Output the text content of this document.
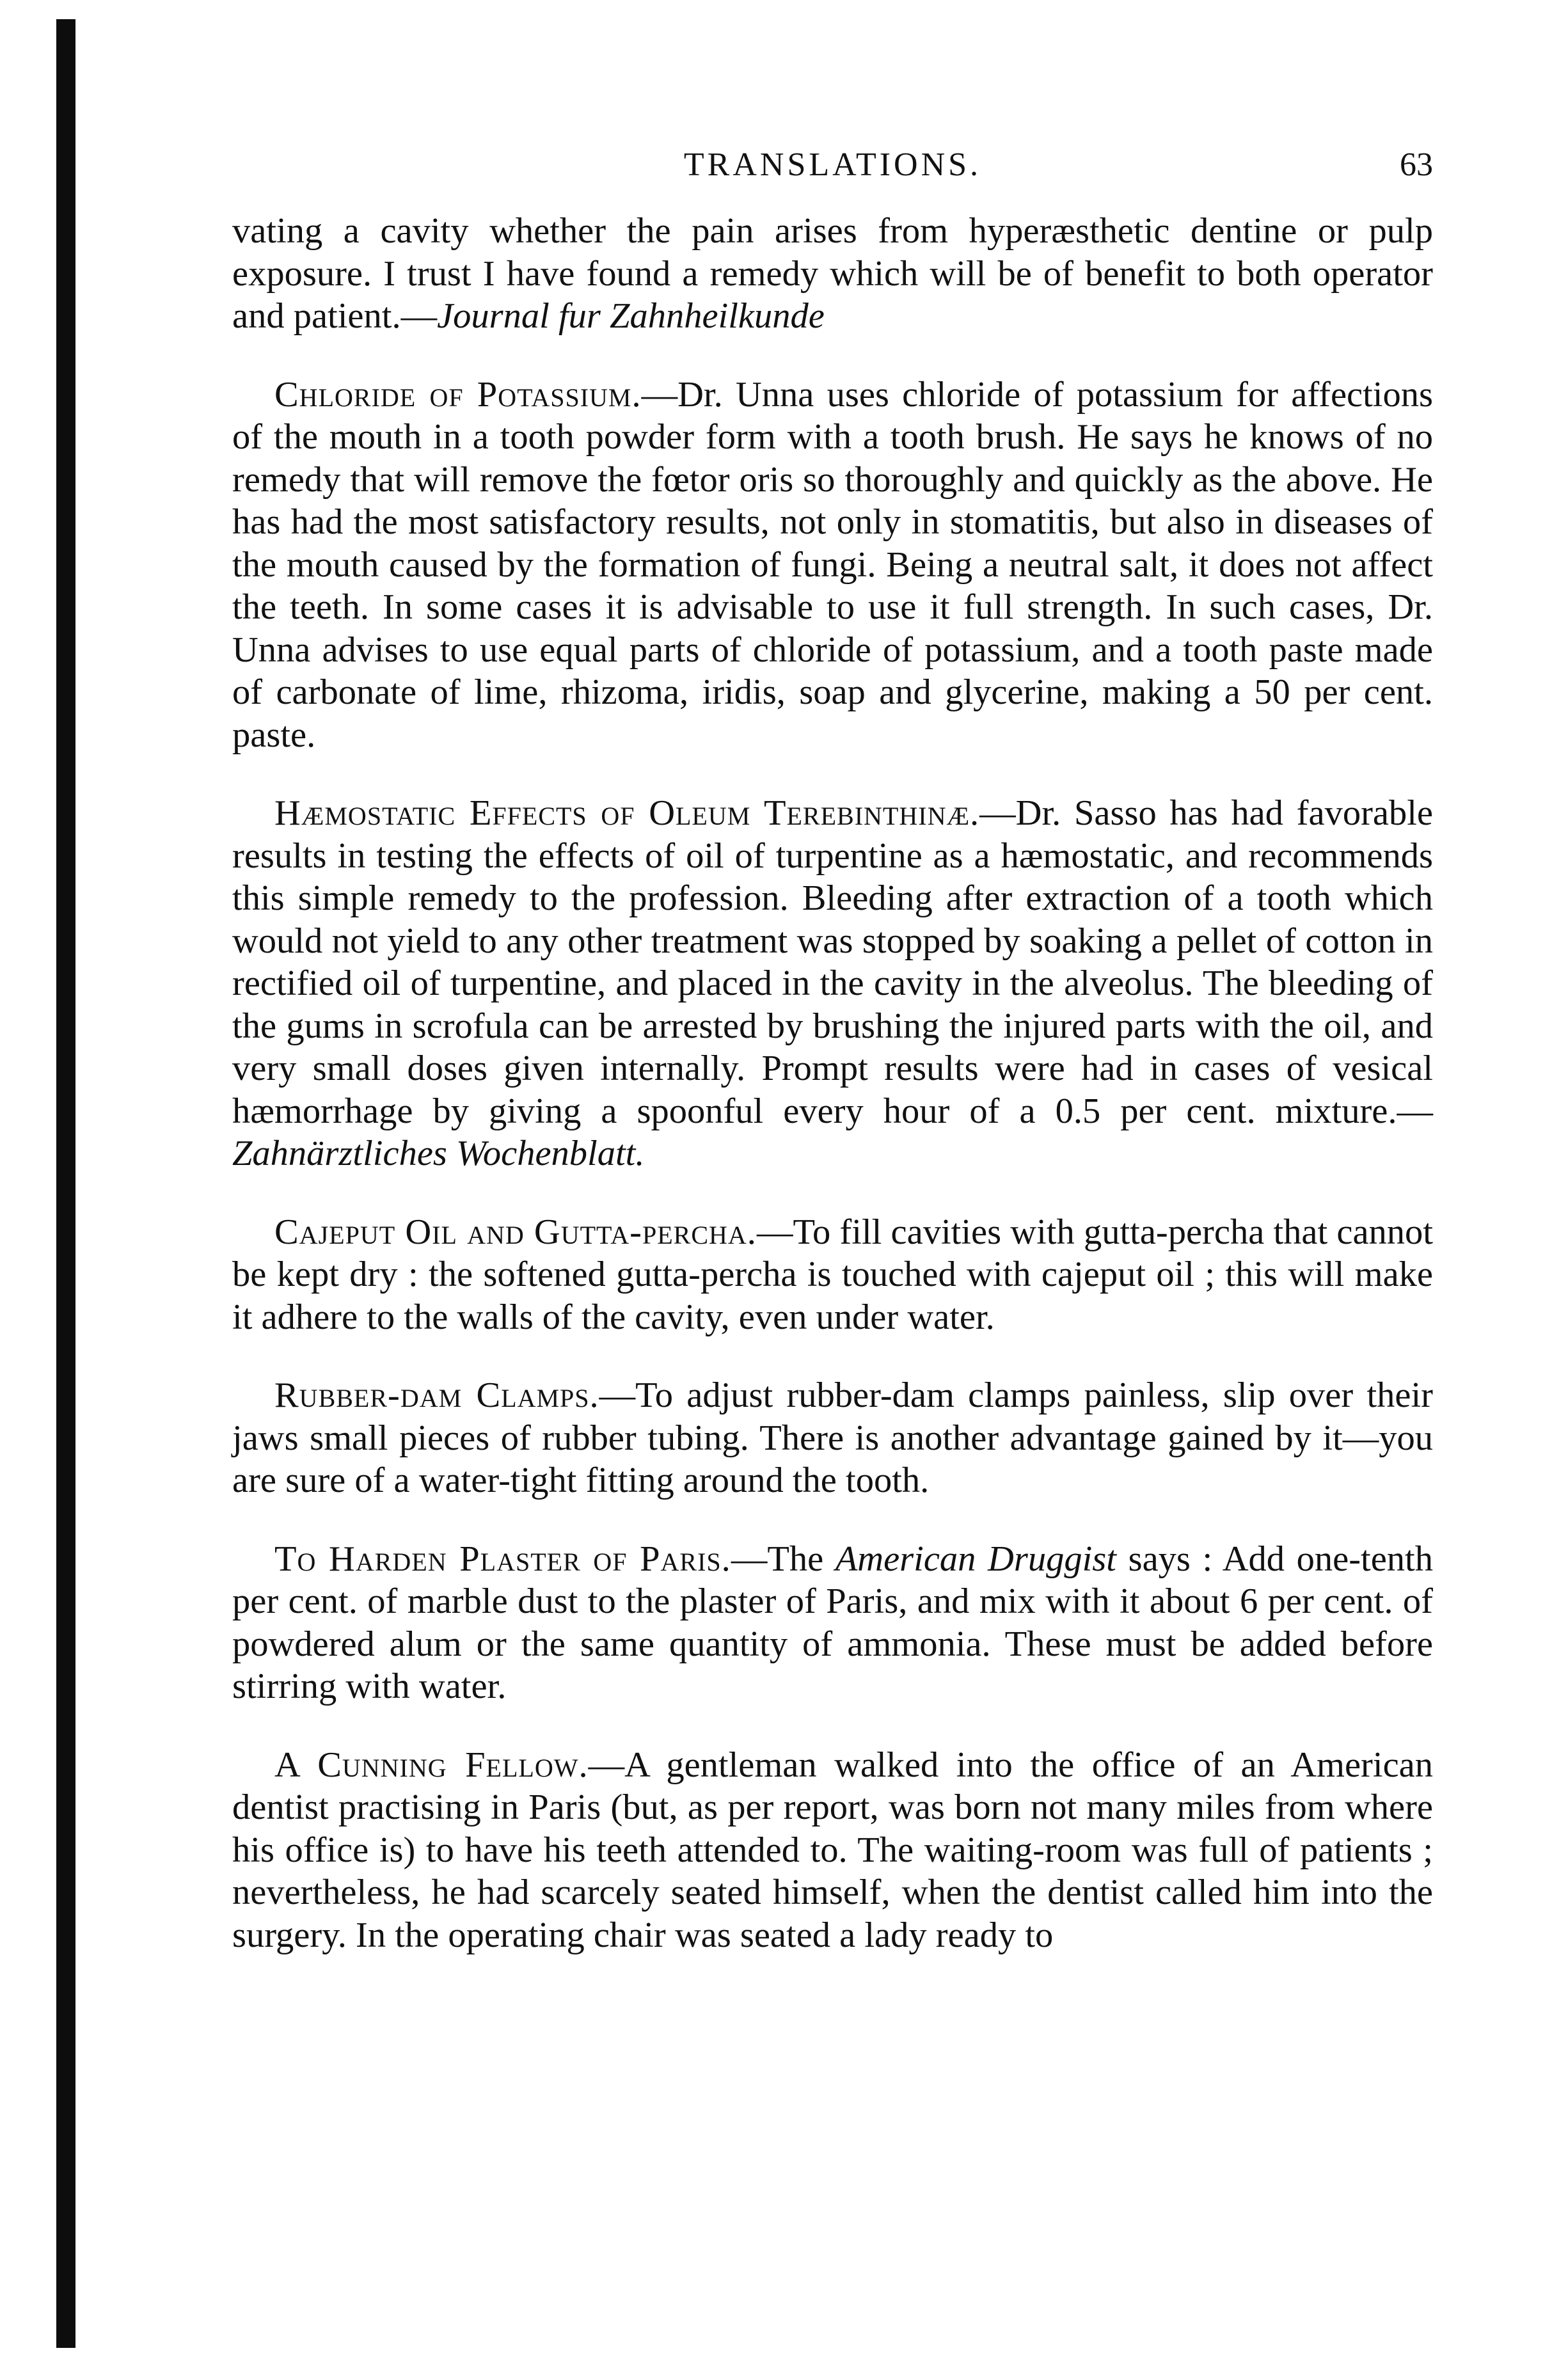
TRANSLATIONS.	63

vating a cavity whether the pain arises from hyperæsthetic dentine or pulp exposure. I trust I have found a remedy which will be of benefit to both operator and patient.—Journal fur Zahnheilkunde

Chloride of Potassium.—Dr. Unna uses chloride of potassium for affections of the mouth in a tooth powder form with a tooth brush. He says he knows of no remedy that will remove the fœtor oris so thoroughly and quickly as the above. He has had the most satisfactory results, not only in stomatitis, but also in diseases of the mouth caused by the formation of fungi. Being a neutral salt, it does not affect the teeth. In some cases it is advisable to use it full strength. In such cases, Dr. Unna advises to use equal parts of chloride of potassium, and a tooth paste made of carbonate of lime, rhizoma, iridis, soap and glycerine, making a 50 per cent. paste.

Hæmostatic Effects of Oleum Terebinthinæ.—Dr. Sasso has had favorable results in testing the effects of oil of turpentine as a hæmostatic, and recommends this simple remedy to the profession. Bleeding after extraction of a tooth which would not yield to any other treatment was stopped by soaking a pellet of cotton in rectified oil of turpentine, and placed in the cavity in the alveolus. The bleeding of the gums in scrofula can be arrested by brushing the injured parts with the oil, and very small doses given internally. Prompt results were had in cases of vesical hæmorrhage by giving a spoonful every hour of a 0.5 per cent. mixture.—Zahnärztliches Wochenblatt.

Cajeput Oil and Gutta-percha.—To fill cavities with gutta-percha that cannot be kept dry : the softened gutta-percha is touched with cajeput oil ; this will make it adhere to the walls of the cavity, even under water.

Rubber-dam Clamps.—To adjust rubber-dam clamps painless, slip over their jaws small pieces of rubber tubing. There is another advantage gained by it—you are sure of a water-tight fitting around the tooth.

To Harden Plaster of Paris.—The American Druggist says : Add one-tenth per cent. of marble dust to the plaster of Paris, and mix with it about 6 per cent. of powdered alum or the same quantity of ammonia. These must be added before stirring with water.

A Cunning Fellow.—A gentleman walked into the office of an American dentist practising in Paris (but, as per report, was born not many miles from where his office is) to have his teeth attended to. The waiting-room was full of patients ; nevertheless, he had scarcely seated himself, when the dentist called him into the surgery. In the operating chair was seated a lady ready to
